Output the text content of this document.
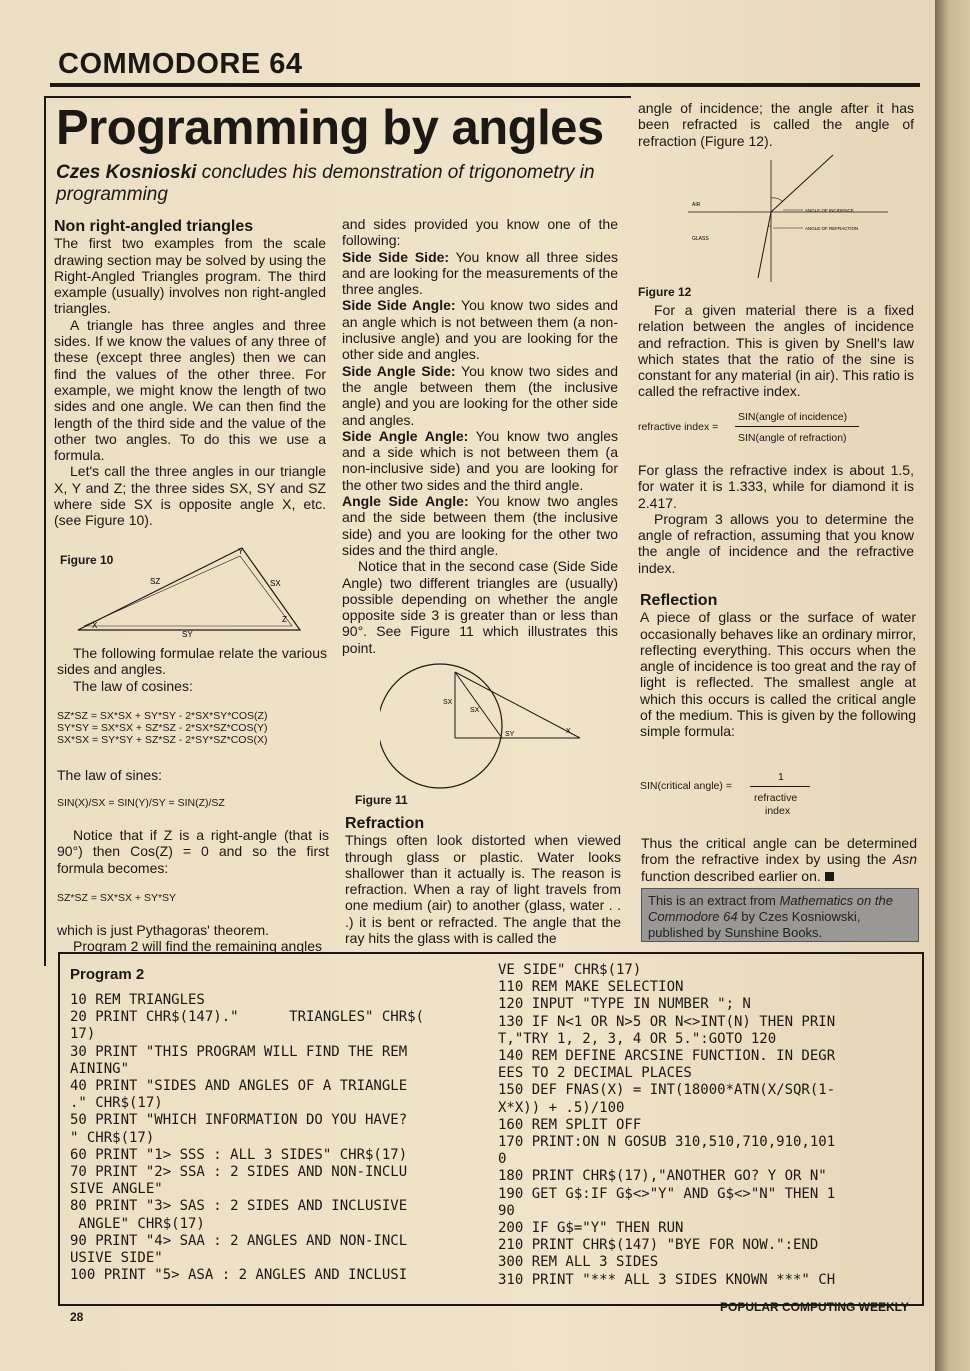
COMMODORE 64
Programming by angles
Czes Kosnioski concludes his demonstration of trigonometry in programming
Non right-angled triangles

The first two examples from the scale drawing section may be solved by using the Right-Angled Triangles program. The third example (usually) involves non right-angled triangles.

A triangle has three angles and three sides. If we know the values of any three of these (except three angles) then we can find the values of the other three. For example, we might know the length of two sides and one angle. We can then find the length of the third side and the value of the other two angles. To do this we use a formula.

Let's call the three angles in our triangle X, Y and Z; the three sides SX, SY and SZ where side SX is opposite angle X, etc. (see Figure 10).

Figure 10
X
Y
Z
SZ	SX
SY

The following formulae relate the various sides and angles.

The law of cosines:

SZ*SZ = SX*SX + SY*SY - 2*SX*SY*COS(Z)
SY*SY = SX*SX + SZ*SZ - 2*SX*SZ*COS(Y)
SX*SX = SY*SY + SZ*SZ - 2*SY*SZ*COS(X)

The law of sines:

SIN(X)/SX = SIN(Y)/SY = SIN(Z)/SZ

Notice that if Z is a right-angle (that is 90°) then Cos(Z) = 0 and so the first formula becomes:

SZ*SZ = SX*SX + SY*SY

which is just Pythagoras' theorem.

Program 2 will find the remaining angles

and sides provided you know one of the following:

Side Side Side: You know all three sides and are looking for the measurements of the three angles.

Side Side Angle: You know two sides and an angle which is not between them (a non-inclusive angle) and you are looking for the other side and angles.

Side Angle Side: You know two sides and the angle between them (the inclusive angle) and you are looking for the other side and angles.

Side Angle Angle: You know two angles and a side which is not between them (a non-inclusive side) and you are looking for the other two sides and the third angle.

Angle Side Angle: You know two angles and the side between them (the inclusive side) and you are looking for the other two sides and the third angle.

Notice that in the second case (Side Side Angle) two different triangles are (usually) possible depending on whether the angle opposite side 3 is greater than or less than 90°. See Figure 11 which illustrates this point.

SX
SX
SY	X
Figure 11
Refraction

Things often look distorted when viewed through glass or plastic. Water looks shallower than it actually is. The reason is refraction. When a ray of light travels from one medium (air) to another (glass, water . . .) it is bent or refracted. The angle that the ray hits the glass with is called the

angle of incidence; the angle after it has been refracted is called the angle of refraction (Figure 12).

AIR
GLASS
ANGLE OF INCIDENCE
ANGLE OF REFRACTION
Figure 12

For a given material there is a fixed relation between the angles of incidence and refraction. This is given by Snell's law which states that the ratio of the sine is constant for any material (in air). This ratio is called the refractive index.

refractive index =
SIN(angle of incidence)
SIN(angle of refraction)

For glass the refractive index is about 1.5, for water it is 1.333, while for diamond it is 2.417.

Program 3 allows you to determine the angle of refraction, assuming that you know the angle of incidence and the refractive index.

Reflection

A piece of glass or the surface of water occasionally behaves like an ordinary mirror, reflecting everything. This occurs when the angle of incidence is too great and the ray of light is reflected. The smallest angle at which this occurs is called the critical angle of the medium. This is given by the following simple formula:

SIN(critical angle) =
1
refractive
index

Thus the critical angle can be determined from the refractive index by using the Asn function described earlier on.

This is an extract from Mathematics on the Commodore 64 by Czes Kosniowski, published by Sunshine Books.
Program 2
10 REM TRIANGLES
20 PRINT CHR$(147)."      TRIANGLES" CHR$(
17)
30 PRINT "THIS PROGRAM WILL FIND THE REM
AINING"
40 PRINT "SIDES AND ANGLES OF A TRIANGLE
." CHR$(17)
50 PRINT "WHICH INFORMATION DO YOU HAVE?
" CHR$(17)
60 PRINT "1> SSS : ALL 3 SIDES" CHR$(17)
70 PRINT "2> SSA : 2 SIDES AND NON-INCLU
SIVE ANGLE"
80 PRINT "3> SAS : 2 SIDES AND INCLUSIVE
ANGLE" CHR$(17)
90 PRINT "4> SAA : 2 ANGLES AND NON-INCL
USIVE SIDE"
100 PRINT "5> ASA : 2 ANGLES AND INCLUSI
VE SIDE" CHR$(17)
110 REM MAKE SELECTION
120 INPUT "TYPE IN NUMBER "; N
130 IF N<1 OR N>5 OR N<>INT(N) THEN PRIN
T,"TRY 1, 2, 3, 4 OR 5.":GOTO 120
140 REM DEFINE ARCSINE FUNCTION. IN DEGR
EES TO 2 DECIMAL PLACES
150 DEF FNAS(X) = INT(18000*ATN(X/SQR(1-
X*X)) + .5)/100
160 REM SPLIT OFF
170 PRINT:ON N GOSUB 310,510,710,910,101
0
180 PRINT CHR$(17),"ANOTHER GO? Y OR N"
190 GET G$:IF G$<>"Y" AND G$<>"N" THEN 1
90
200 IF G$="Y" THEN RUN
210 PRINT CHR$(147) "BYE FOR NOW.":END
300 REM ALL 3 SIDES
310 PRINT "*** ALL 3 SIDES KNOWN ***" CH
28
POPULAR COMPUTING WEEKLY
